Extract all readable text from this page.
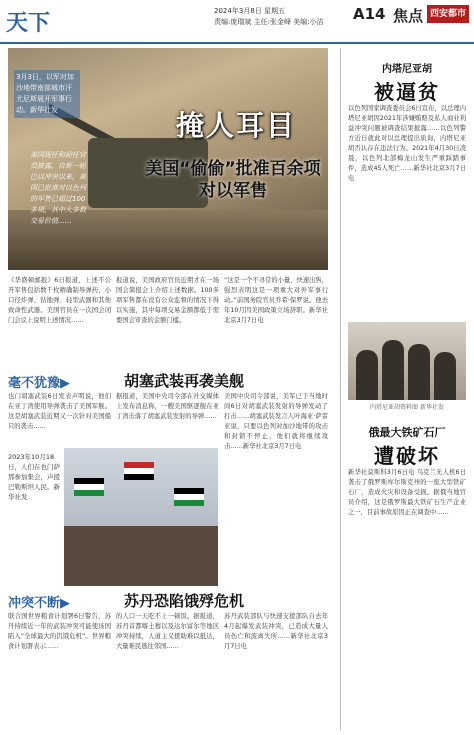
天下	2024年3月8日 星期五
责编:庞瑞斌 主任:张金峰 美编:小洁 A14 焦点 西安都市报
3月3日，以军对加沙地带南部城市汗尤尼斯展开军事行动。新华社发
美国现任和前任官员披露，自新一轮巴以冲突以来，美国已批准对以色列的军售已超过100多项，其中大多数交易价值……
掩人耳目
美国“偷偷”批准百余项对以军售
《华盛顿邮报》6日报道，上述不公开军售包括数千枚精确制导弹药、小口径炸弹、钻地弹、轻型武器和其他致命性武器。美国官员在一次国会闭门会议上说明上述情况……
报道说，美国政府官员近期才在一场国会简报会上介绍上述数据。100多项军售都在没有公众监督的情况下得以实施，其中每项交易金额都低于需要国会审查的金额门槛。
“这是一个不寻常的小量、快速出售，强烈表明这是一项重大对外军事行动。”前国务院官员乔希·保罗说。他去年10月因美国政策立场辞职。新华社北京3月7日电
内塔尼亚胡
被逼贫
以色列国家调查委员会6日宣布，以总理内塔尼亚胡因2021年涉嫌贿赂及私人商业利益冲突问题被调查结果披露……以色列警方近日就此对以总理提出质询，内塔尼亚胡否认存在违法行为。2021年4月30日凌晨，以色列北部梅龙山发生严重踩踏事件，造成45人死亡……新华社北京3月7日电
内塔尼亚胡资料图 新华社发
俄最大铁矿石厂
遭破坏
新华社莫斯科3月6日电 乌克兰无人机6日袭击了俄罗斯库尔斯克州的一座大型铁矿石厂，造成火灾和设备受损。据俄当地官员介绍，这是俄罗斯最大铁矿石生产企业之一，目前事故原因正在调查中……
毫不犹豫▶	胡塞武装再袭美舰
也门胡塞武装6日发表声明说，他们在亚丁湾使用导弹袭击了美国军舰。这是胡塞武装近期又一次针对美国船只的袭击……
据报道，美国中央司令部在社交媒体上发布消息称，一艘美国驱逐舰在亚丁湾击落了胡塞武装发射的导弹……
美国中央司令部说，美军已于当地时间6日对胡塞武装发射的导弹发动了打击……胡塞武装发言人叶海亚·萨雷亚说，只要以色列对加沙地带的攻击和封锁不停止，他们就将继续攻击……新华社北京3月7日电
2023年10月18日，人们在也门萨那参加集会，声援巴勒斯坦人民。新华社发
冲突不断▶	苏丹恐陷饿殍危机
联合国世界粮食计划署6日警告，苏丹持续近一年的武装冲突可能使该国陷入“全球最大的饥饿危机”。世界粮食计划署表示……
的人口一天吃不上一顿饭。据报道，苏丹首都喀土穆以及达尔富尔等地区冲突持续，人道主义援助难以抵达，大量难民逃往邻国……
苏丹武装部队与快速支援部队自去年4月起爆发武装冲突，已造成大量人员伤亡和流离失所……新华社北京3月7日电
